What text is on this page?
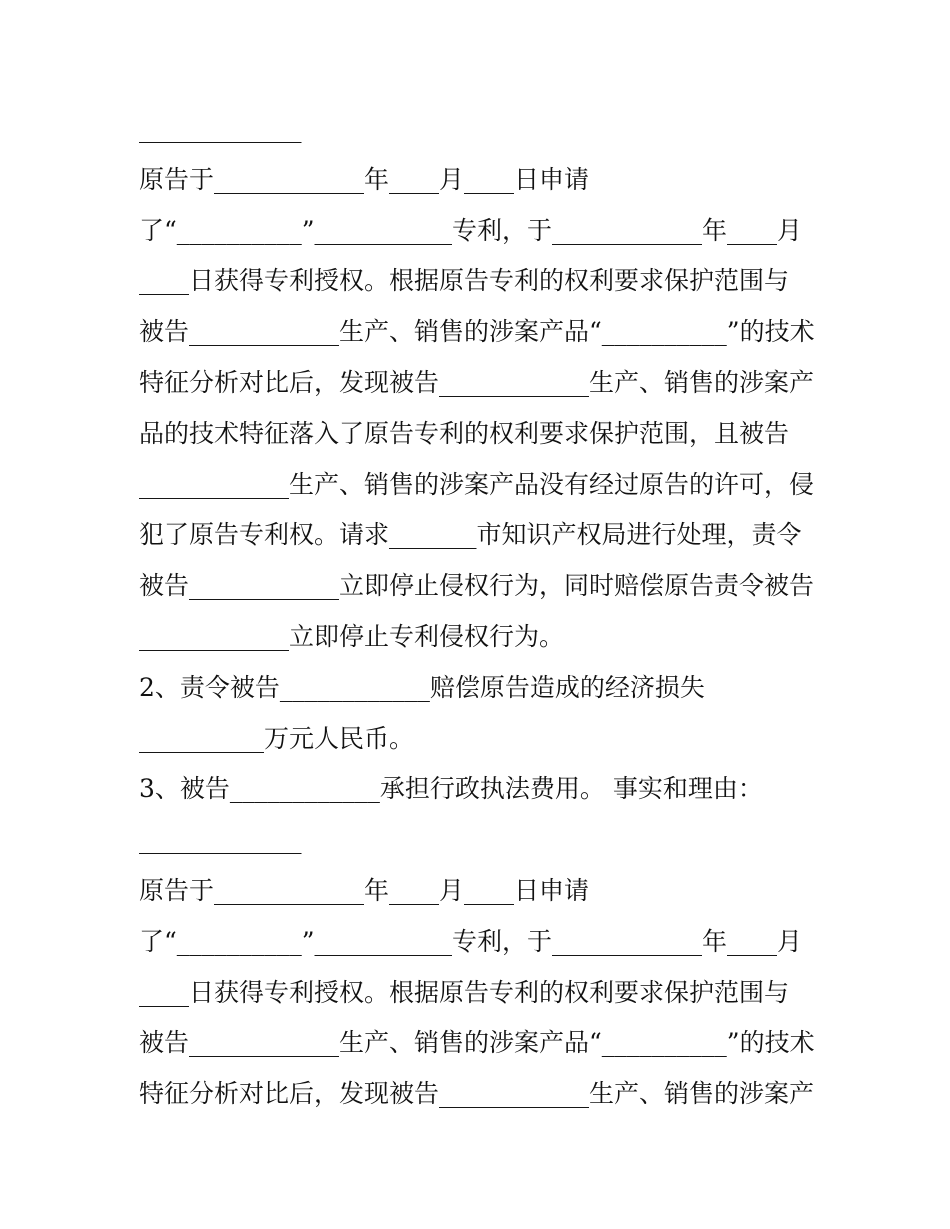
_____________
原告于____________年____月____日申请
了“__________”___________专利，于____________年____月
____日获得专利授权。根据原告专利的权利要求保护范围与
被告____________生产、销售的涉案产品“__________”的技术
特征分析对比后，发现被告____________生产、销售的涉案产
品的技术特征落入了原告专利的权利要求保护范围，且被告
____________生产、销售的涉案产品没有经过原告的许可，侵
犯了原告专利权。请求_______市知识产权局进行处理，责令
被告____________立即停止侵权行为，同时赔偿原告责令被告
____________立即停止专利侵权行为。
2、责令被告____________赔偿原告造成的经济损失
__________万元人民币。
3、被告____________承担行政执法费用。 事实和理由：
_____________
原告于____________年____月____日申请
了“__________”___________专利，于____________年____月
____日获得专利授权。根据原告专利的权利要求保护范围与
被告____________生产、销售的涉案产品“__________”的技术
特征分析对比后，发现被告____________生产、销售的涉案产
